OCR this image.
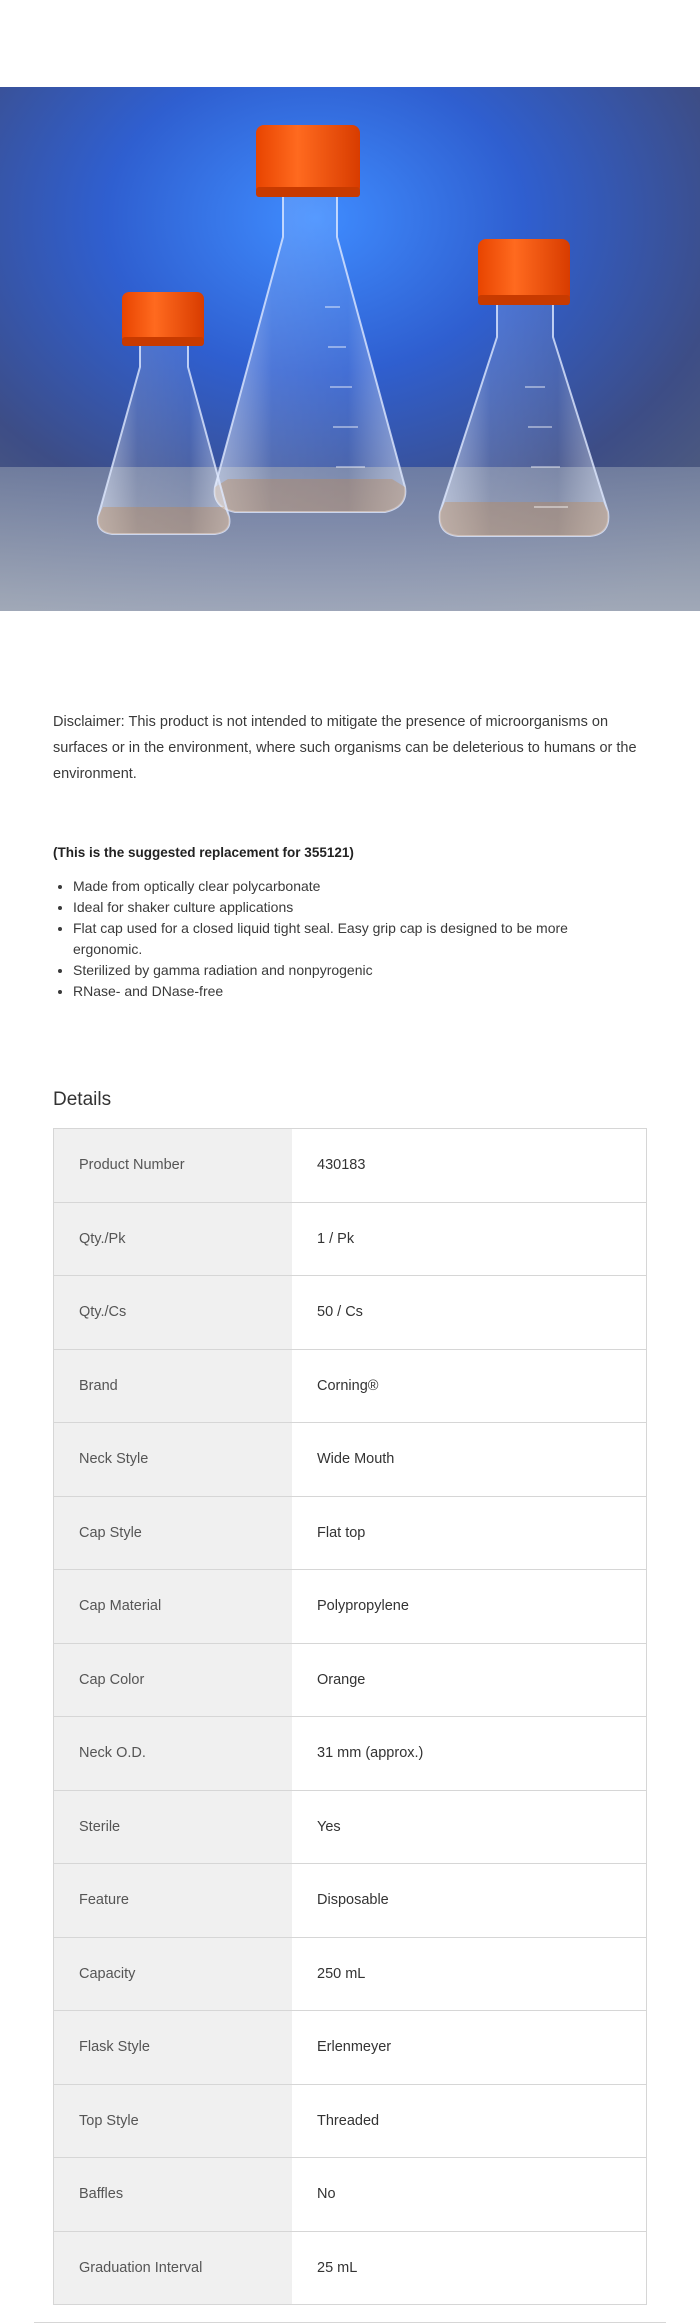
Disclaimer: This product is not intended to mitigate the presence of microorganisms on surfaces or in the environment, where such organisms can be deleterious to humans or the environment.

(This is the suggested replacement for 355121)

• Made from optically clear polycarbonate
• Ideal for shaker culture applications
• Flat cap used for a closed liquid tight seal. Easy grip cap is designed to be more ergonomic.
• Sterilized by gamma radiation and nonpyrogenic
• RNase- and DNase-free
Details
Product Number	430183
Qty./Pk	1 / Pk
Qty./Cs	50 / Cs
Brand	Corning®
Neck Style	Wide Mouth
Cap Style	Flat top
Cap Material	Polypropylene
Cap Color	Orange
Neck O.D.	31 mm (approx.)
Sterile	Yes
Feature	Disposable
Capacity	250 mL
Flask Style	Erlenmeyer
Top Style	Threaded
Baffles	No
Graduation Interval	25 mL
